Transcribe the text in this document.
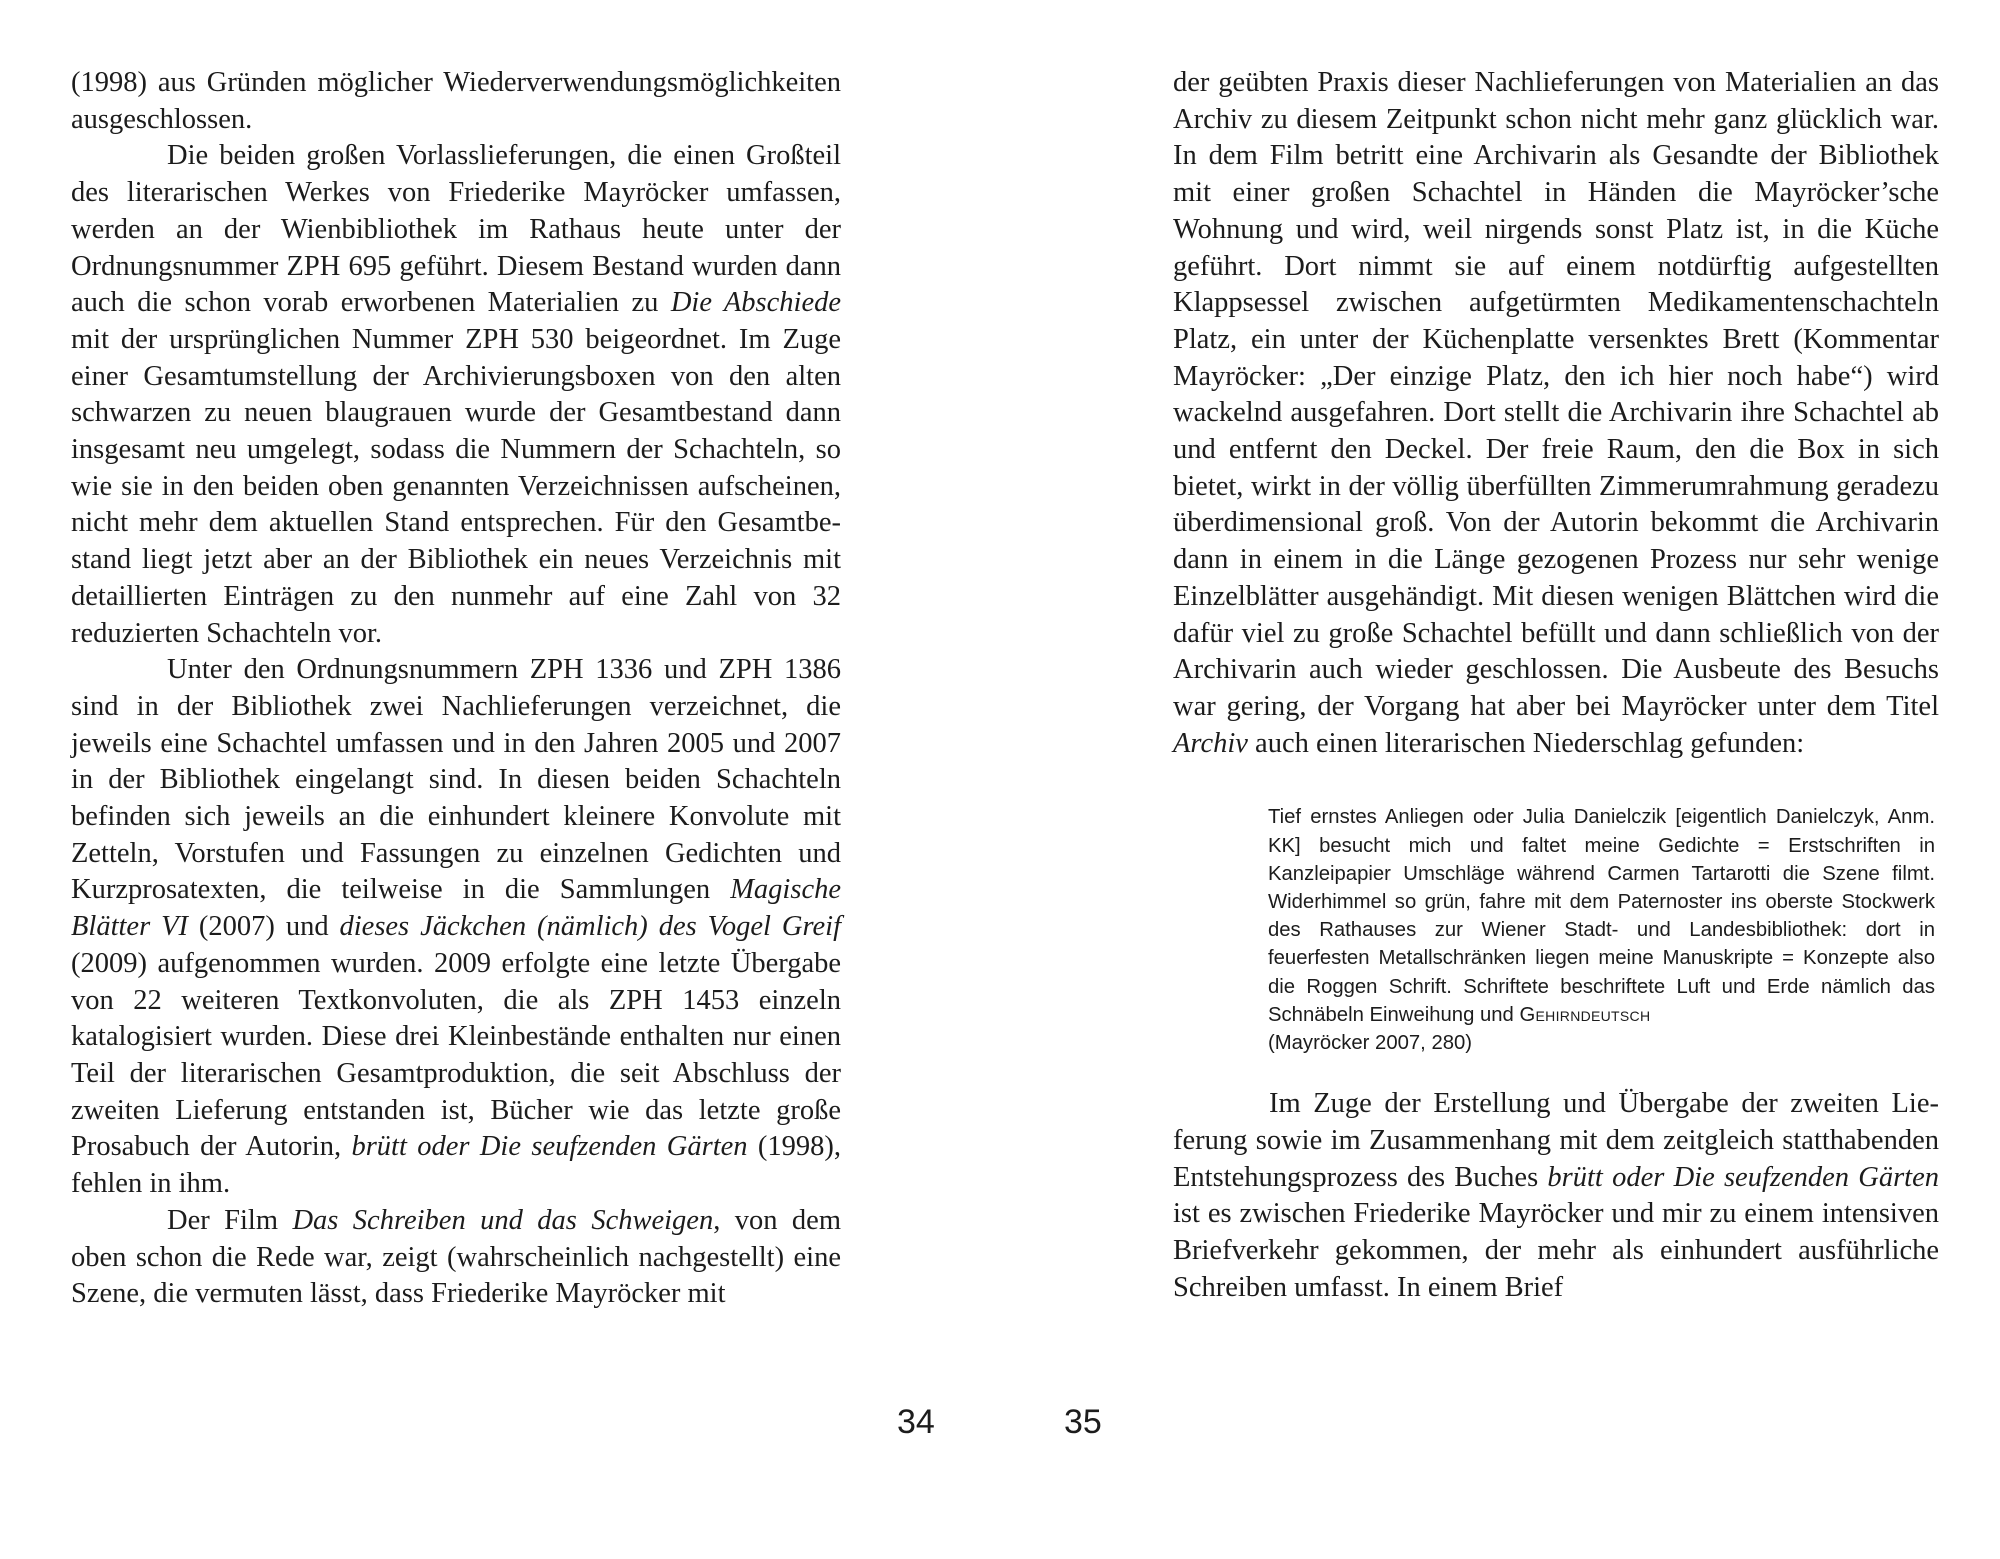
(1998) aus Gründen möglicher Wiederverwendungsmöglichkeiten ausgeschlossen.

Die beiden großen Vorlasslieferungen, die einen Großteil des literarischen Werkes von Friederike Mayröcker umfassen, werden an der Wienbibliothek im Rathaus heute unter der Ordnungsnummer ZPH 695 geführt. Diesem Bestand wurden dann auch die schon vorab erworbenen Materialien zu Die Abschiede mit der ursprünglichen Nummer ZPH 530 beigeordnet. Im Zuge einer Gesamtumstellung der Archivierungsboxen von den alten schwarzen zu neuen blaugrauen wurde der Gesamtbestand dann insgesamt neu umgelegt, sodass die Nummern der Schachteln, so wie sie in den beiden oben genannten Verzeichnissen aufscheinen, nicht mehr dem aktuellen Stand entsprechen. Für den Gesamtbestand liegt jetzt aber an der Bibliothek ein neues Verzeichnis mit detaillierten Einträgen zu den nunmehr auf eine Zahl von 32 reduzierten Schachteln vor.

Unter den Ordnungsnummern ZPH 1336 und ZPH 1386 sind in der Bibliothek zwei Nachlieferungen verzeichnet, die jeweils eine Schachtel umfassen und in den Jahren 2005 und 2007 in der Bibliothek eingelangt sind. In diesen beiden Schachteln befinden sich jeweils an die einhundert kleinere Konvolute mit Zetteln, Vorstufen und Fassungen zu einzelnen Gedichten und Kurzprosatexten, die teilweise in die Sammlungen Magische Blätter VI (2007) und dieses Jäckchen (nämlich) des Vogel Greif (2009) aufgenommen wurden. 2009 erfolgte eine letzte Übergabe von 22 weiteren Textkonvoluten, die als ZPH 1453 einzeln katalogisiert wurden. Diese drei Kleinbestände enthalten nur einen Teil der literarischen Gesamtproduktion, die seit Abschluss der zweiten Lieferung entstanden ist, Bücher wie das letzte große Prosabuch der Autorin, brütt oder Die seufzenden Gärten (1998), fehlen in ihm.

Der Film Das Schreiben und das Schweigen, von dem oben schon die Rede war, zeigt (wahrscheinlich nachgestellt) eine Szene, die vermuten lässt, dass Friederike Mayröcker mit

34

der geübten Praxis dieser Nachlieferungen von Materialien an das Archiv zu diesem Zeitpunkt schon nicht mehr ganz glücklich war. In dem Film betritt eine Archivarin als Gesandte der Bibliothek mit einer großen Schachtel in Händen die Mayröcker’sche Wohnung und wird, weil nirgends sonst Platz ist, in die Küche geführt. Dort nimmt sie auf einem notdürftig aufgestellten Klappsessel zwischen aufgetürmten Medikamentenschachteln Platz, ein unter der Küchenplatte versenktes Brett (Kommentar Mayröcker: „Der einzige Platz, den ich hier noch habe“) wird wackelnd ausgefahren. Dort stellt die Archivarin ihre Schachtel ab und entfernt den Deckel. Der freie Raum, den die Box in sich bietet, wirkt in der völlig überfüllten Zimmerumrahmung geradezu überdimensional groß. Von der Autorin bekommt die Archivarin dann in einem in die Länge gezogenen Prozess nur sehr wenige Einzelblätter ausgehändigt. Mit diesen wenigen Blättchen wird die dafür viel zu große Schachtel befüllt und dann schließlich von der Archivarin auch wieder geschlossen. Die Ausbeute des Besuchs war gering, der Vorgang hat aber bei Mayröcker unter dem Titel Archiv auch einen literarischen Niederschlag gefunden:

Tief ernstes Anliegen oder Julia Danielczik [eigentlich Danielczyk, Anm. KK] besucht mich und faltet meine Gedichte = Erstschriften in Kanzleipapier Umschläge während Carmen Tartarotti die Szene filmt. Widerhimmel so grün, fahre mit dem Paternoster ins oberste Stockwerk des Rathauses zur Wiener Stadt- und Landesbibliothek: dort in feuerfesten Metallschränken liegen meine Manuskripte = Konzepte also die Roggen Schrift. Schriftete beschriftete Luft und Erde nämlich das Schnäbeln Einweihung und Gehirndeutsch
(Mayröcker 2007, 280)

Im Zuge der Erstellung und Übergabe der zweiten Lieferung sowie im Zusammenhang mit dem zeitgleich statthabenden Entstehungsprozess des Buches brütt oder Die seufzenden Gärten ist es zwischen Friederike Mayröcker und mir zu einem intensiven Briefverkehr gekommen, der mehr als einhundert ausführliche Schreiben umfasst. In einem Brief

35
